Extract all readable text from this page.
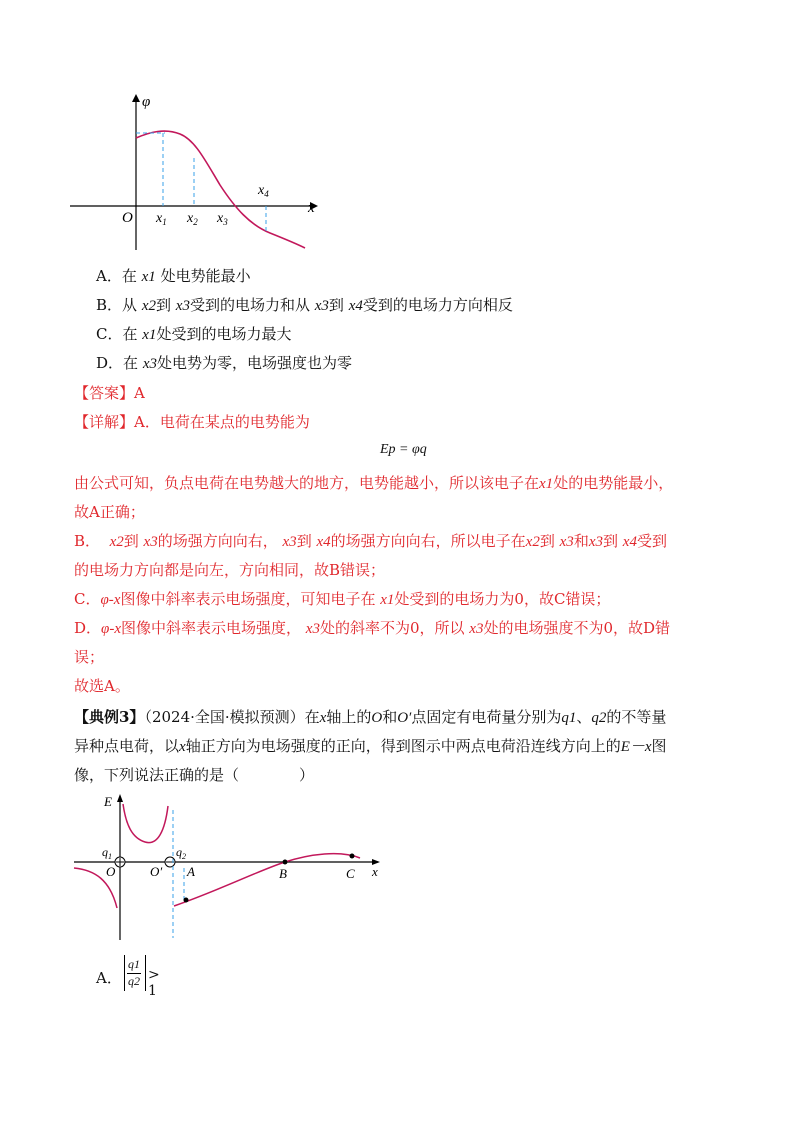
φ
x
O $x_1$ $x_2$ $x_3$
$x_4$
A．在 x1 处电势能最小
B．从 x2到 x3受到的电场力和从 x3到 x4受到的电场力方向相反
C．在 x1处受到的电场力最大
D．在 x3处电势为零，电场强度也为零
【答案】A
【详解】A．电荷在某点的电势能为
Ep = φq
由公式可知，负点电荷在电势越大的地方，电势能越小，所以该电子在x1处的电势能最小，
故A正确；
B． x2到 x3的场强方向向右， x3到 x4的场强方向向右，所以电子在x2到 x3和x3到 x4受到
的电场力方向都是向左，方向相同，故B错误；
C．φ-x图像中斜率表示电场强度，可知电子在 x1处受到的电场力为0，故C错误；
D．φ-x图像中斜率表示电场强度， x3处的斜率不为0，所以 x3处的电场强度不为0，故D错
误；
故选A。
【典例3】（2024·全国·模拟预测）在x轴上的O和O′点固定有电荷量分别为q1、q2的不等量
异种点电荷，以x轴正方向为电场强度的正向，得到图示中两点电荷沿连线方向上的E－x图
像，下列说法正确的是（　　　　）
E
x
$q_1$	$q_2$
O	O′ A	B	C
A．
q1
q2 > 1
